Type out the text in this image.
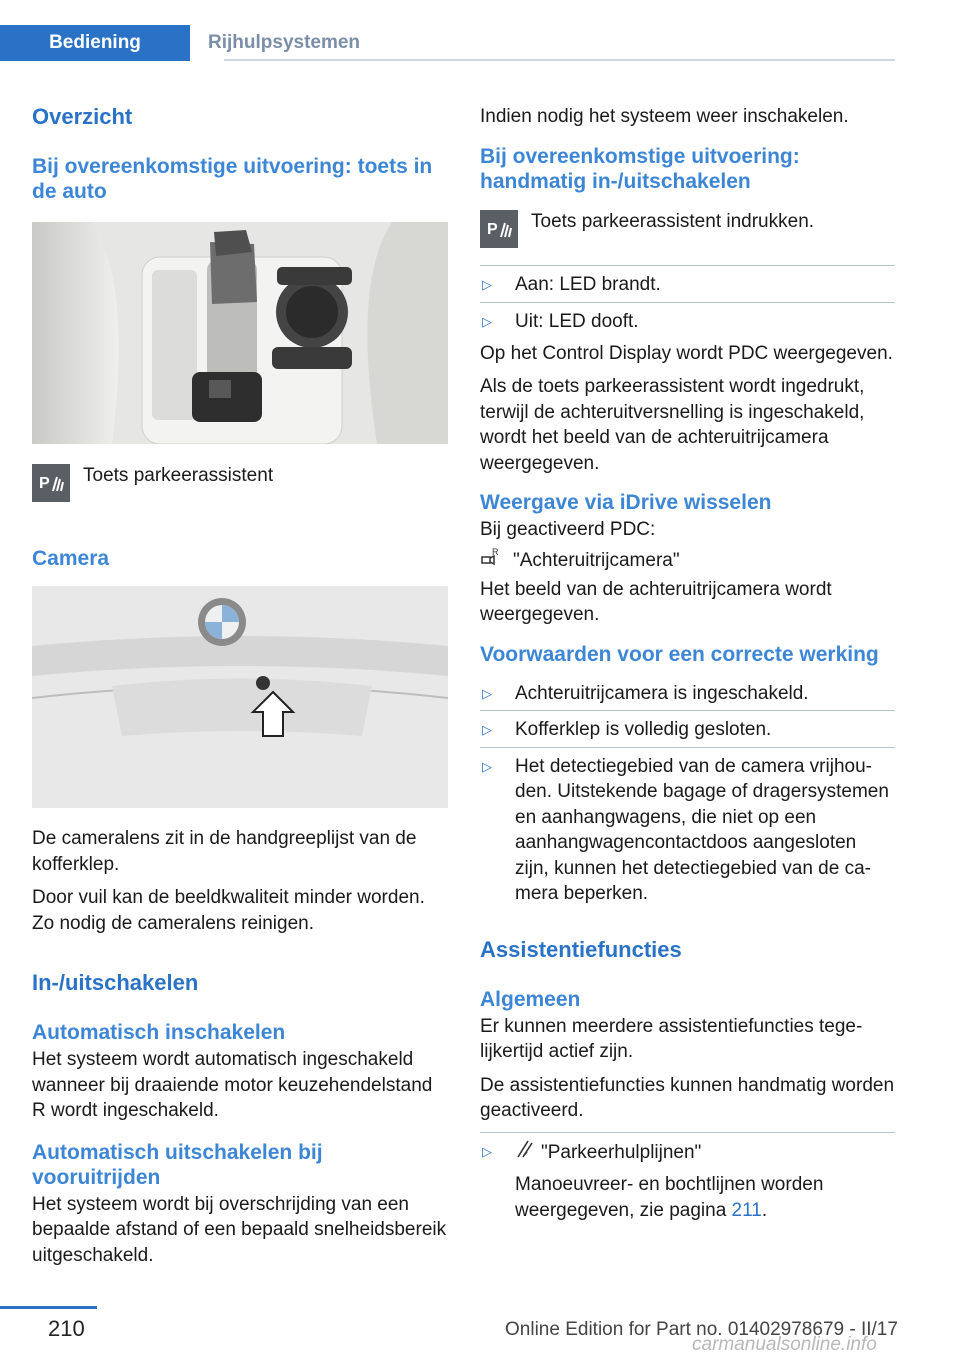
Bediening	Rijhulpsystemen
Overzicht
Bij overeenkomstige uitvoering: toets in de auto
P Toets parkeerassistent
Camera

De cameralens zit in de handgreeplijst van de kofferklep.

Door vuil kan de beeldkwaliteit minder worden. Zo nodig de cameralens reinigen.

In-/uitschakelen
Automatisch inschakelen

Het systeem wordt automatisch ingeschakeld wanneer bij draaiende motor keuzehendelstand R wordt ingeschakeld.

Automatisch uitschakelen bij vooruitrijden

Het systeem wordt bij overschrijding van een bepaalde afstand of een bepaald snelheidsbereik uitgeschakeld.

Indien nodig het systeem weer inschakelen.

Bij overeenkomstige uitvoering: handmatig in-/uitschakelen
P Toets parkeerassistent indrukken.
▷	Aan: LED brandt.
▷	Uit: LED dooft.

Op het Control Display wordt PDC weergegeven.

Als de toets parkeerassistent wordt ingedrukt, terwijl de achteruitversnelling is ingeschakeld, wordt het beeld van de achteruitrijcamera weergegeven.

Weergave via iDrive wisselen

Bij geactiveerd PDC:

R "Achteruitrijcamera"

Het beeld van de achteruitrijcamera wordt weergegeven.

Voorwaarden voor een correcte werking
▷	Achteruitrijcamera is ingeschakeld.
▷	Kofferklep is volledig gesloten.
▷	Het detectiegebied van de camera vrijhouden. Uitstekende bagage of dragersystemen en aanhangwagens, die niet op een aanhangwagencontactdoos aangesloten zijn, kunnen het detectiegebied van de camera beperken.
Assistentiefuncties
Algemeen

Er kunnen meerdere assistentiefuncties tegelijkertijd actief zijn.

De assistentiefuncties kunnen handmatig worden geactiveerd.

▷	"Parkeerhulplijnen"
Manoeuvreer- en bochtlijnen worden weergegeven, zie pagina 211.
210	Online Edition for Part no. 01402978679 - II/17
carmanualsonline.info
